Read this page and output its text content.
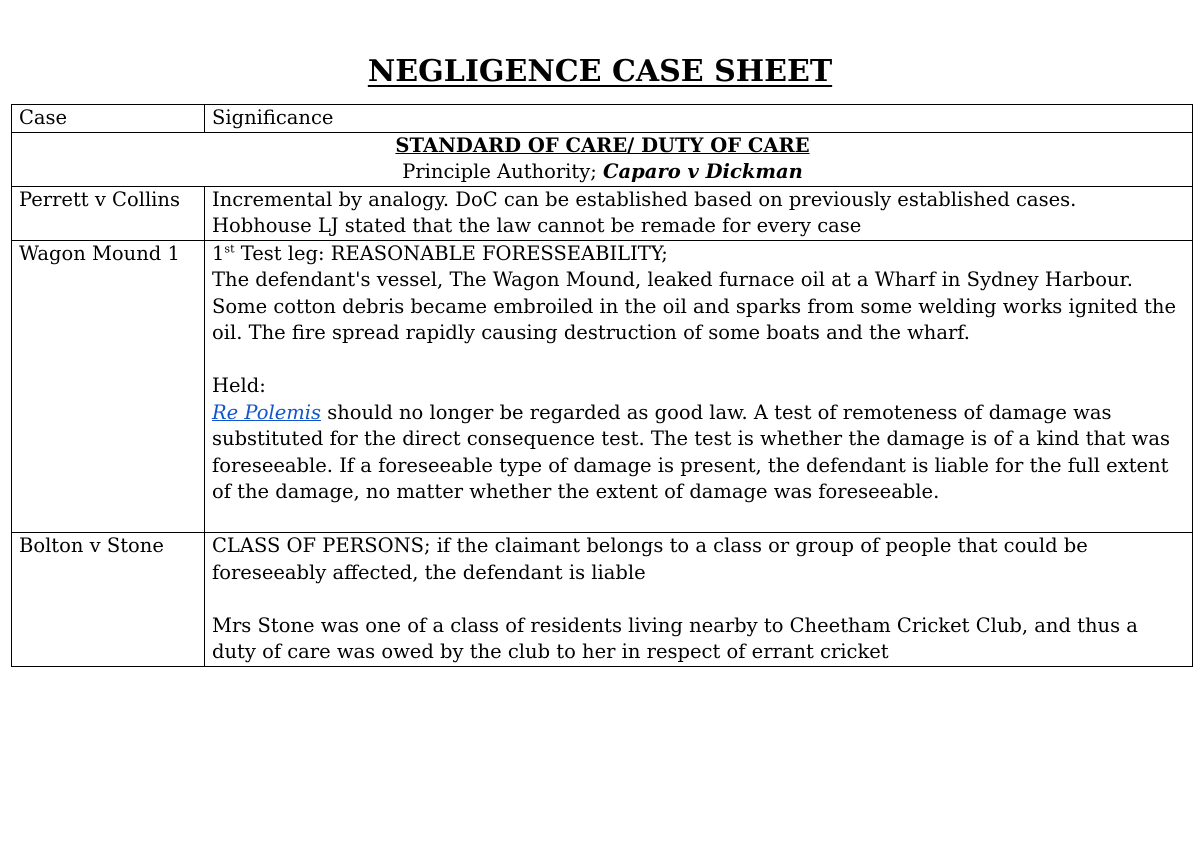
NEGLIGENCE CASE SHEET
Case	Significance

STANDARD OF CARE/ DUTY OF CARE
Principle Authority; Caparo v Dickman	

Perrett v Collins	Incremental by analogy. DoC can be established based on previously established cases.
Hobhouse LJ stated that the law cannot be remade for every case

Wagon Mound 1	1st Test leg: REASONABLE FORESSEABILITY;
The defendant's vessel, The Wagon Mound, leaked furnace oil at a Wharf in Sydney Harbour. Some cotton debris became embroiled in the oil and sparks from some welding works ignited the oil. The fire spread rapidly causing destruction of some boats and the wharf.
Held:
Re Polemis should no longer be regarded as good law. A test of remoteness of damage was substituted for the direct consequence test. The test is whether the damage is of a kind that was foreseeable. If a foreseeable type of damage is present, the defendant is liable for the full extent of the damage, no matter whether the extent of damage was foreseeable.

Bolton v Stone	CLASS OF PERSONS; if the claimant belongs to a class or group of people that could be foreseeably affected, the defendant is liable
Mrs Stone was one of a class of residents living nearby to Cheetham Cricket Club, and thus a duty of care was owed by the club to her in respect of errant cricket
